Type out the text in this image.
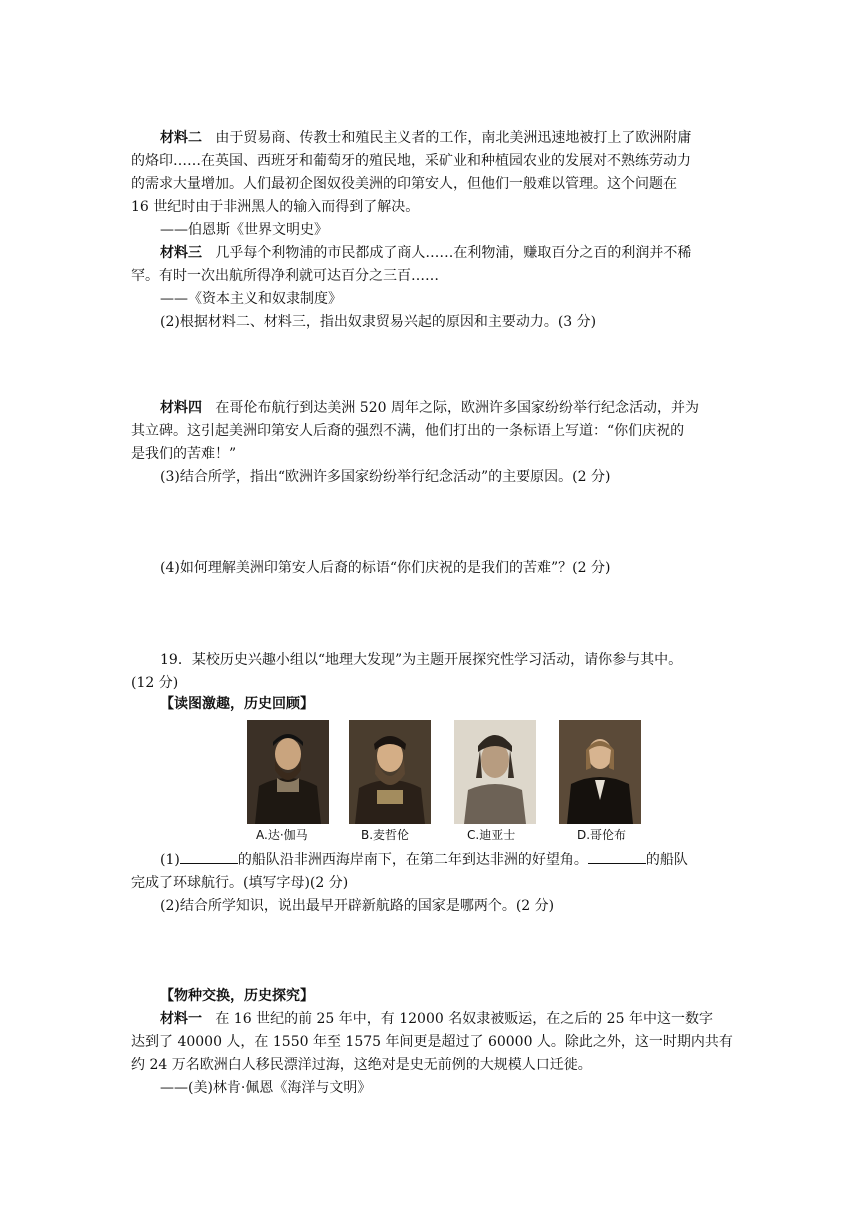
材料二 由于贸易商、传教士和殖民主义者的工作，南北美洲迅速地被打上了欧洲附庸
的烙印……在英国、西班牙和葡萄牙的殖民地，采矿业和种植园农业的发展对不熟练劳动力
的需求大量增加。人们最初企图奴役美洲的印第安人，但他们一般难以管理。这个问题在
16 世纪时由于非洲黑人的输入而得到了解决。
——伯恩斯《世界文明史》
材料三 几乎每个利物浦的市民都成了商人……在利物浦，赚取百分之百的利润并不稀
罕。有时一次出航所得净利就可达百分之三百……
——《资本主义和奴隶制度》
(2)根据材料二、材料三，指出奴隶贸易兴起的原因和主要动力。(3 分)
材料四 在哥伦布航行到达美洲 520 周年之际，欧洲许多国家纷纷举行纪念活动，并为
其立碑。这引起美洲印第安人后裔的强烈不满，他们打出的一条标语上写道：“你们庆祝的
是我们的苦难！”
(3)结合所学，指出“欧洲许多国家纷纷举行纪念活动”的主要原因。(2 分)
(4)如何理解美洲印第安人后裔的标语“你们庆祝的是我们的苦难”？(2 分)
19．某校历史兴趣小组以“地理大发现”为主题开展探究性学习活动，请你参与其中。
(12 分)
【读图激趣，历史回顾】
A.达·伽马	B.麦哲伦	C.迪亚士	D.哥伦布
(1)	的船队沿非洲西海岸南下，在第二年到达非洲的好望角。	的船队
完成了环球航行。(填写字母)(2 分)
(2)结合所学知识，说出最早开辟新航路的国家是哪两个。(2 分)
【物种交换，历史探究】
材料一 在 16 世纪的前 25 年中，有 12000 名奴隶被贩运，在之后的 25 年中这一数字
达到了 40000 人，在 1550 年至 1575 年间更是超过了 60000 人。除此之外，这一时期内共有
约 24 万名欧洲白人移民漂洋过海，这绝对是史无前例的大规模人口迁徙。
——(美)林肯·佩恩《海洋与文明》
